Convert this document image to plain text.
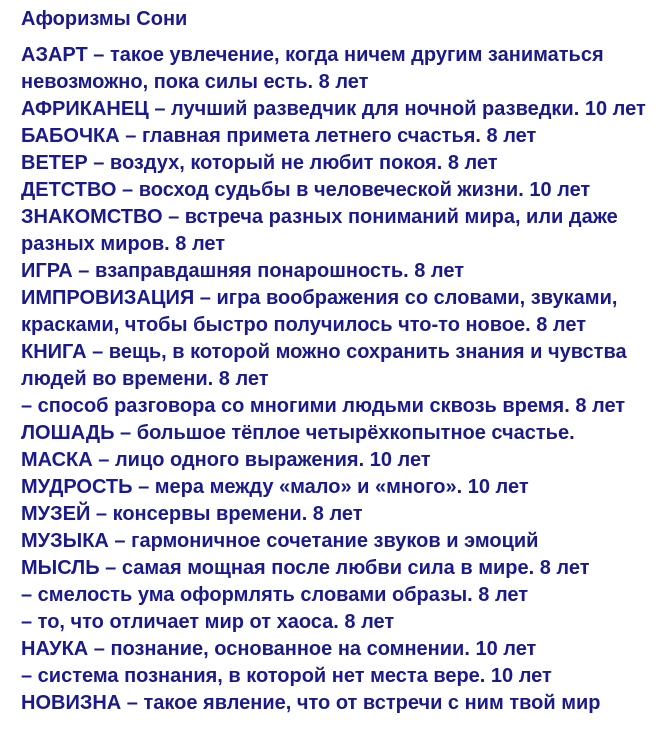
Афоризмы Сони

АЗАРТ – такое увлечение, когда ничем другим заниматься невозможно, пока силы есть. 8 лет

АФРИКАНЕЦ – лучший разведчик для ночной разведки. 10 лет

БАБОЧКА – главная примета летнего счастья. 8 лет

ВЕТЕР – воздух, который не любит покоя. 8 лет

ДЕТСТВО – восход судьбы в человеческой жизни. 10 лет

ЗНАКОМСТВО – встреча разных пониманий мира, или даже разных миров. 8 лет

ИГРА – взаправдашняя понарошность. 8 лет

ИМПРОВИЗАЦИЯ – игра воображения со словами, звуками, красками, чтобы быстро получилось что-то новое. 8 лет

КНИГА – вещь, в которой можно сохранить знания и чувства людей во времени. 8 лет

– способ разговора со многими людьми сквозь время. 8 лет

ЛОШАДЬ – большое тёплое четырёхкопытное счастье.

МАСКА – лицо одного выражения. 10 лет

МУДРОСТЬ – мера между «мало» и «много». 10 лет

МУЗЕЙ – консервы времени. 8 лет

МУЗЫКА – гармоничное сочетание звуков и эмоций

МЫСЛЬ – самая мощная после любви сила в мире. 8 лет

– смелость ума оформлять словами образы. 8 лет

– то, что отличает мир от хаоса. 8 лет

НАУКА – познание, основанное на сомнении. 10 лет

– система познания, в которой нет места вере. 10 лет

НОВИЗНА – такое явление, что от встречи с ним твой мир
